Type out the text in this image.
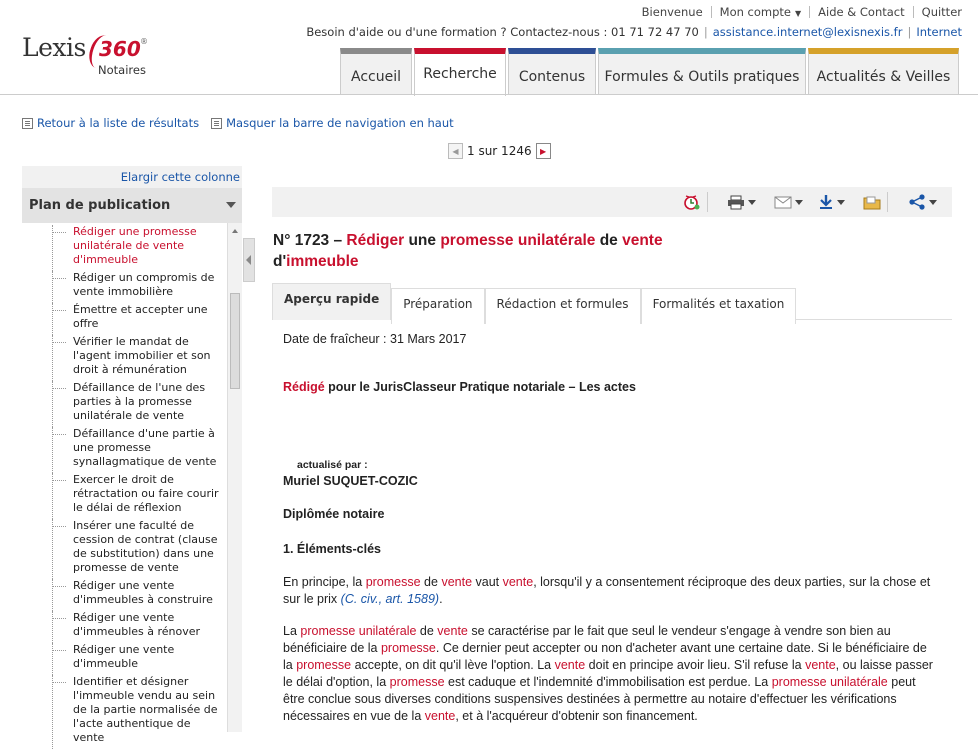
Bienvenue Mon compte ▼ Aide & Contact Quitter
Besoin d'aide ou d'une formation ? Contactez-nous : 01 71 72 47 70 | assistance.internet@lexisnexis.fr | Internet
Lexis 360 ®
Notaires	Accueil	Recherche	Contenus	Formules & Outils pratiques	Actualités & Veilles
Retour à la liste de résultats Masquer la barre de navigation en haut
◀ 1 sur 1246	▶
Elargir cette colonne
Plan de publication
Rédiger une promesse unilatérale de vente d'immeuble
Rédiger un compromis de vente immobilière
Émettre et accepter une offre
Vérifier le mandat de l'agent immobilier et son droit à rémunération
Défaillance de l'une des parties à la promesse unilatérale de vente
Défaillance d'une partie à une promesse synallagmatique de vente
Exercer le droit de rétractation ou faire courir le délai de réflexion
Insérer une faculté de cession de contrat (clause de substitution) dans une promesse de vente
Rédiger une vente d'immeubles à construire
Rédiger une vente d'immeubles à rénover
Rédiger une vente d'immeuble
Identifier et désigner l'immeuble vendu au sein de la partie normalisée de l'acte authentique de vente
N° 1723 – Rédiger une promesse unilatérale de vente
d'immeuble
Aperçu rapide	Préparation	Rédaction et formules	Formalités et taxation
Date de fraîcheur : 31 Mars 2017
Rédigé pour le JurisClasseur Pratique notariale – Les actes
actualisé par :
Muriel SUQUET-COZIC
Diplômée notaire
1. Éléments-clés
En principe, la promesse de vente vaut vente, lorsqu'il y a consentement réciproque des deux parties, sur la chose et sur le prix (C. civ., art. 1589).
La promesse unilatérale de vente se caractérise par le fait que seul le vendeur s'engage à vendre son bien au bénéficiaire de la promesse. Ce dernier peut accepter ou non d'acheter avant une certaine date. Si le bénéficiaire de la promesse accepte, on dit qu'il lève l'option. La vente doit en principe avoir lieu. S'il refuse la vente, ou laisse passer le délai d'option, la promesse est caduque et l'indemnité d'immobilisation est perdue. La promesse unilatérale peut être conclue sous diverses conditions suspensives destinées à permettre au notaire d'effectuer les vérifications nécessaires en vue de la vente, et à l'acquéreur d'obtenir son financement.
